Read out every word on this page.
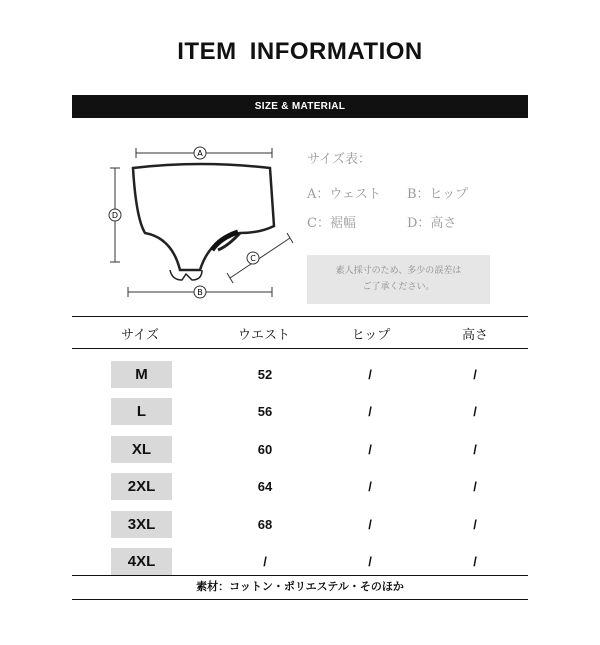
ITEM INFORMATION
SIZE & MATERIAL
A
D
C
B
サイズ表：
A：ウェスト B：ヒップ
C：裾幅	D：高さ
素人採寸のため、多少の誤差は
ご了承ください。
サイズ	ウエスト	ヒップ	高さ
M	52	/	/
L	56	/	/
XL	60	/	/
2XL	64	/	/
3XL	68	/	/
4XL	/	/	/
素材：コットン・ポリエステル・そのほか
